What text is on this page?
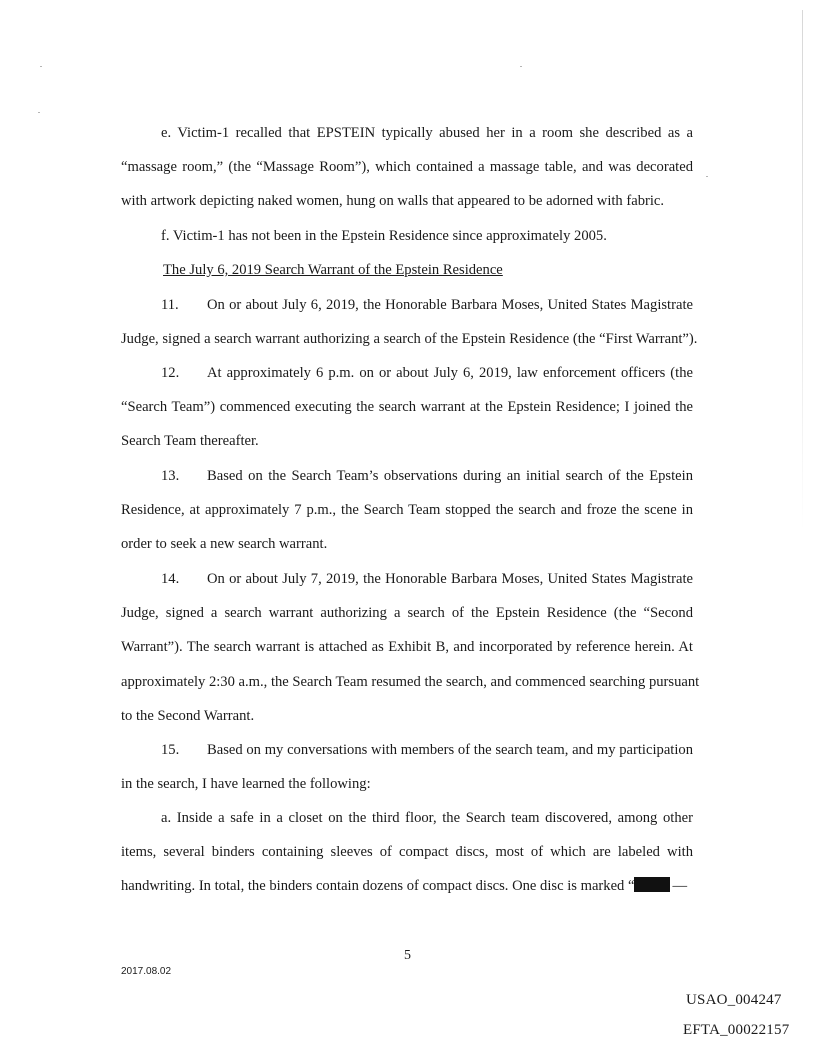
e. Victim-1 recalled that EPSTEIN typically abused her in a room she described as a
“massage room,” (the “Massage Room”), which contained a massage table, and was decorated
with artwork depicting naked women, hung on walls that appeared to be adorned with fabric.
f. Victim-1 has not been in the Epstein Residence since approximately 2005.

The July 6, 2019 Search Warrant of the Epstein Residence

11. On or about July 6, 2019, the Honorable Barbara Moses, United States Magistrate
Judge, signed a search warrant authorizing a search of the Epstein Residence (the “First Warrant”).
12. At approximately 6 p.m. on or about July 6, 2019, law enforcement officers (the
“Search Team”) commenced executing the search warrant at the Epstein Residence; I joined the
Search Team thereafter.
13. Based on the Search Team’s observations during an initial search of the Epstein
Residence, at approximately 7 p.m., the Search Team stopped the search and froze the scene in
order to seek a new search warrant.
14. On or about July 7, 2019, the Honorable Barbara Moses, United States Magistrate
Judge, signed a search warrant authorizing a search of the Epstein Residence (the “Second
Warrant”). The search warrant is attached as Exhibit B, and incorporated by reference herein. At
approximately 2:30 a.m., the Search Team resumed the search, and commenced searching pursuant
to the Second Warrant.
15. Based on my conversations with members of the search team, and my participation
in the search, I have learned the following:
a. Inside a safe in a closet on the third floor, the Search team discovered, among other
items, several binders containing sleeves of compact discs, most of which are labeled with
handwriting. In total, the binders contain dozens of compact discs. One disc is marked “	—
5
2017.08.02
USAO_004247
EFTA_00022157
